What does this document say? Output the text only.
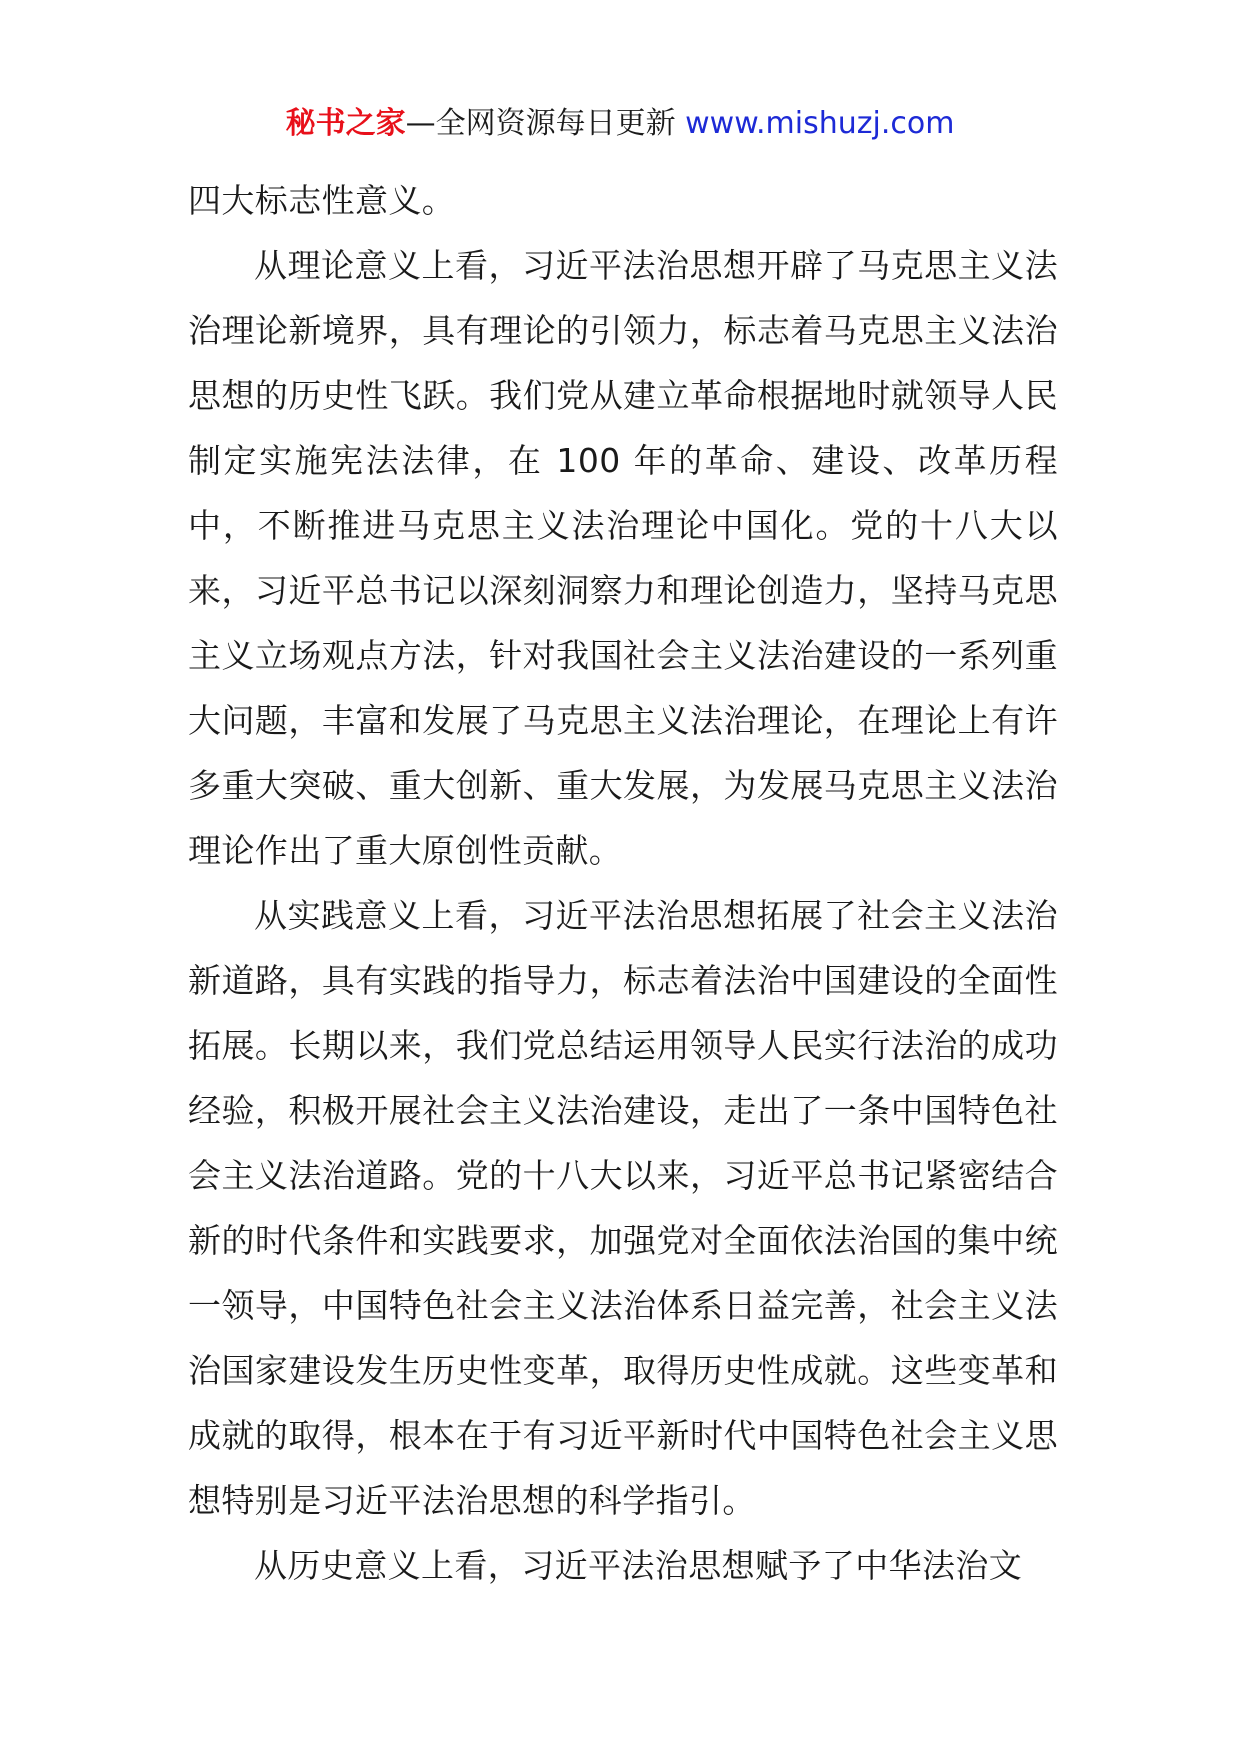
秘书之家—全网资源每日更新 www.mishuzj.com

四大标志性意义。

从理论意义上看，习近平法治思想开辟了马克思主义法治理论新境界，具有理论的引领力，标志着马克思主义法治思想的历史性飞跃。我们党从建立革命根据地时就领导人民制定实施宪法法律，在 100 年的革命、建设、改革历程中，不断推进马克思主义法治理论中国化。党的十八大以来，习近平总书记以深刻洞察力和理论创造力，坚持马克思主义立场观点方法，针对我国社会主义法治建设的一系列重大问题，丰富和发展了马克思主义法治理论，在理论上有许多重大突破、重大创新、重大发展，为发展马克思主义法治理论作出了重大原创性贡献。

从实践意义上看，习近平法治思想拓展了社会主义法治新道路，具有实践的指导力，标志着法治中国建设的全面性拓展。长期以来，我们党总结运用领导人民实行法治的成功经验，积极开展社会主义法治建设，走出了一条中国特色社会主义法治道路。党的十八大以来，习近平总书记紧密结合新的时代条件和实践要求，加强党对全面依法治国的集中统一领导，中国特色社会主义法治体系日益完善，社会主义法治国家建设发生历史性变革，取得历史性成就。这些变革和成就的取得，根本在于有习近平新时代中国特色社会主义思想特别是习近平法治思想的科学指引。

从历史意义上看，习近平法治思想赋予了中华法治文
